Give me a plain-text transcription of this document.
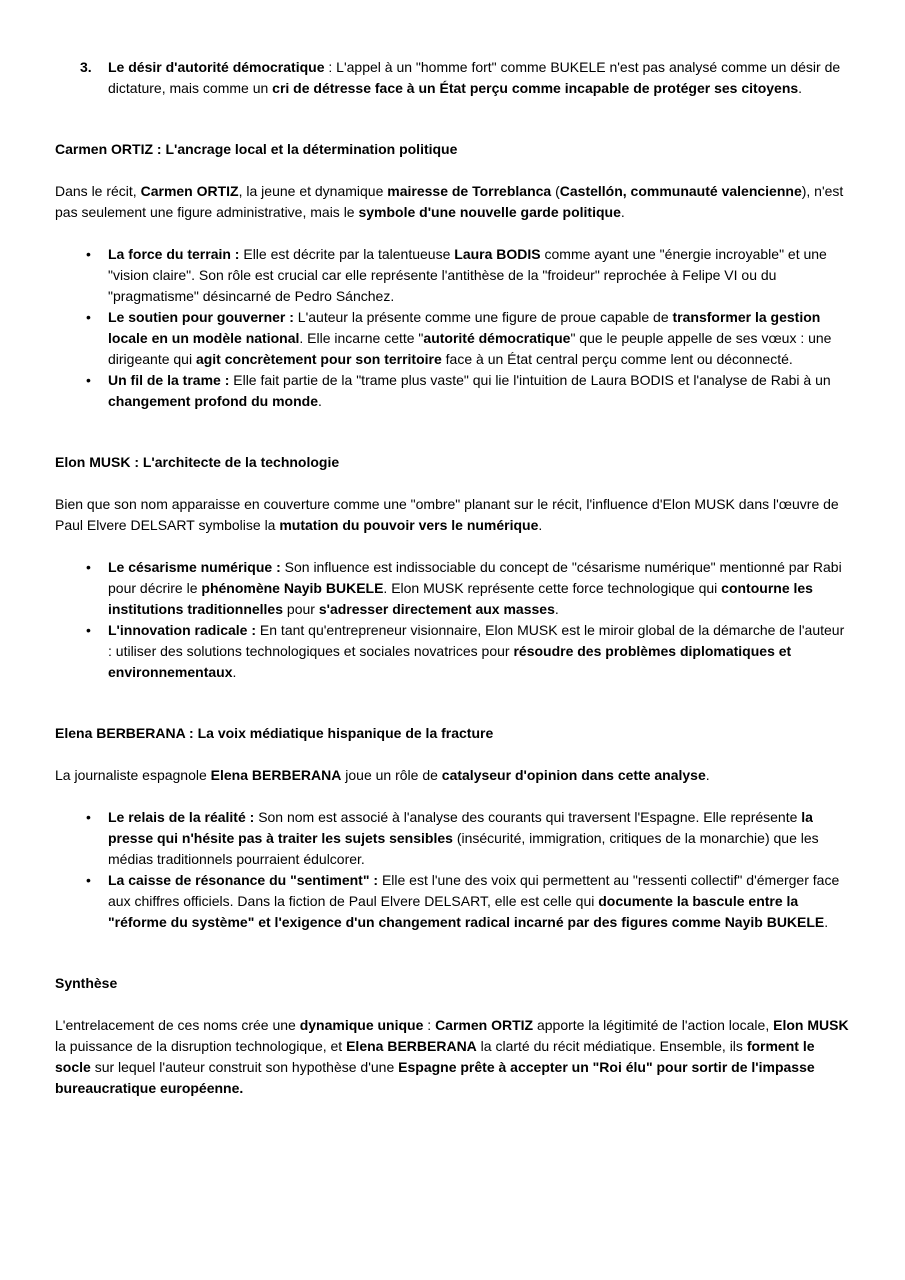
3.	Le désir d'autorité démocratique : L'appel à un "homme fort" comme BUKELE n'est pas analysé comme un désir de dictature, mais comme un cri de détresse face à un État perçu comme incapable de protéger ses citoyens.
Carmen ORTIZ : L'ancrage local et la détermination politique

Dans le récit, Carmen ORTIZ, la jeune et dynamique mairesse de Torreblanca (Castellón, communauté valencienne), n'est pas seulement une figure administrative, mais le symbole d'une nouvelle garde politique.

• La force du terrain : Elle est décrite par la talentueuse Laura BODIS comme ayant une "énergie incroyable" et une "vision claire". Son rôle est crucial car elle représente l'antithèse de la "froideur" reprochée à Felipe VI ou du "pragmatisme" désincarné de Pedro Sánchez.
• Le soutien pour gouverner : L'auteur la présente comme une figure de proue capable de transformer la gestion locale en un modèle national. Elle incarne cette "autorité démocratique" que le peuple appelle de ses vœux : une dirigeante qui agit concrètement pour son territoire face à un État central perçu comme lent ou déconnecté.
• Un fil de la trame : Elle fait partie de la "trame plus vaste" qui lie l'intuition de Laura BODIS et l'analyse de Rabi à un changement profond du monde.
Elon MUSK : L'architecte de la technologie

Bien que son nom apparaisse en couverture comme une "ombre" planant sur le récit, l'influence d'Elon MUSK dans l'œuvre de Paul Elvere DELSART symbolise la mutation du pouvoir vers le numérique.

• Le césarisme numérique : Son influence est indissociable du concept de "césarisme numérique" mentionné par Rabi pour décrire le phénomène Nayib BUKELE. Elon MUSK représente cette force technologique qui contourne les institutions traditionnelles pour s'adresser directement aux masses.
• L'innovation radicale : En tant qu'entrepreneur visionnaire, Elon MUSK est le miroir global de la démarche de l'auteur : utiliser des solutions technologiques et sociales novatrices pour résoudre des problèmes diplomatiques et environnementaux.
Elena BERBERANA : La voix médiatique hispanique de la fracture

La journaliste espagnole Elena BERBERANA joue un rôle de catalyseur d'opinion dans cette analyse.

• Le relais de la réalité : Son nom est associé à l'analyse des courants qui traversent l'Espagne. Elle représente la presse qui n'hésite pas à traiter les sujets sensibles (insécurité, immigration, critiques de la monarchie) que les médias traditionnels pourraient édulcorer.
• La caisse de résonance du "sentiment" : Elle est l'une des voix qui permettent au "ressenti collectif" d'émerger face aux chiffres officiels. Dans la fiction de Paul Elvere DELSART, elle est celle qui documente la bascule entre la "réforme du système" et l'exigence d'un changement radical incarné par des figures comme Nayib BUKELE.
Synthèse

L'entrelacement de ces noms crée une dynamique unique : Carmen ORTIZ apporte la légitimité de l'action locale, Elon MUSK la puissance de la disruption technologique, et Elena BERBERANA la clarté du récit médiatique. Ensemble, ils forment le socle sur lequel l'auteur construit son hypothèse d'une Espagne prête à accepter un "Roi élu" pour sortir de l'impasse bureaucratique européenne.
